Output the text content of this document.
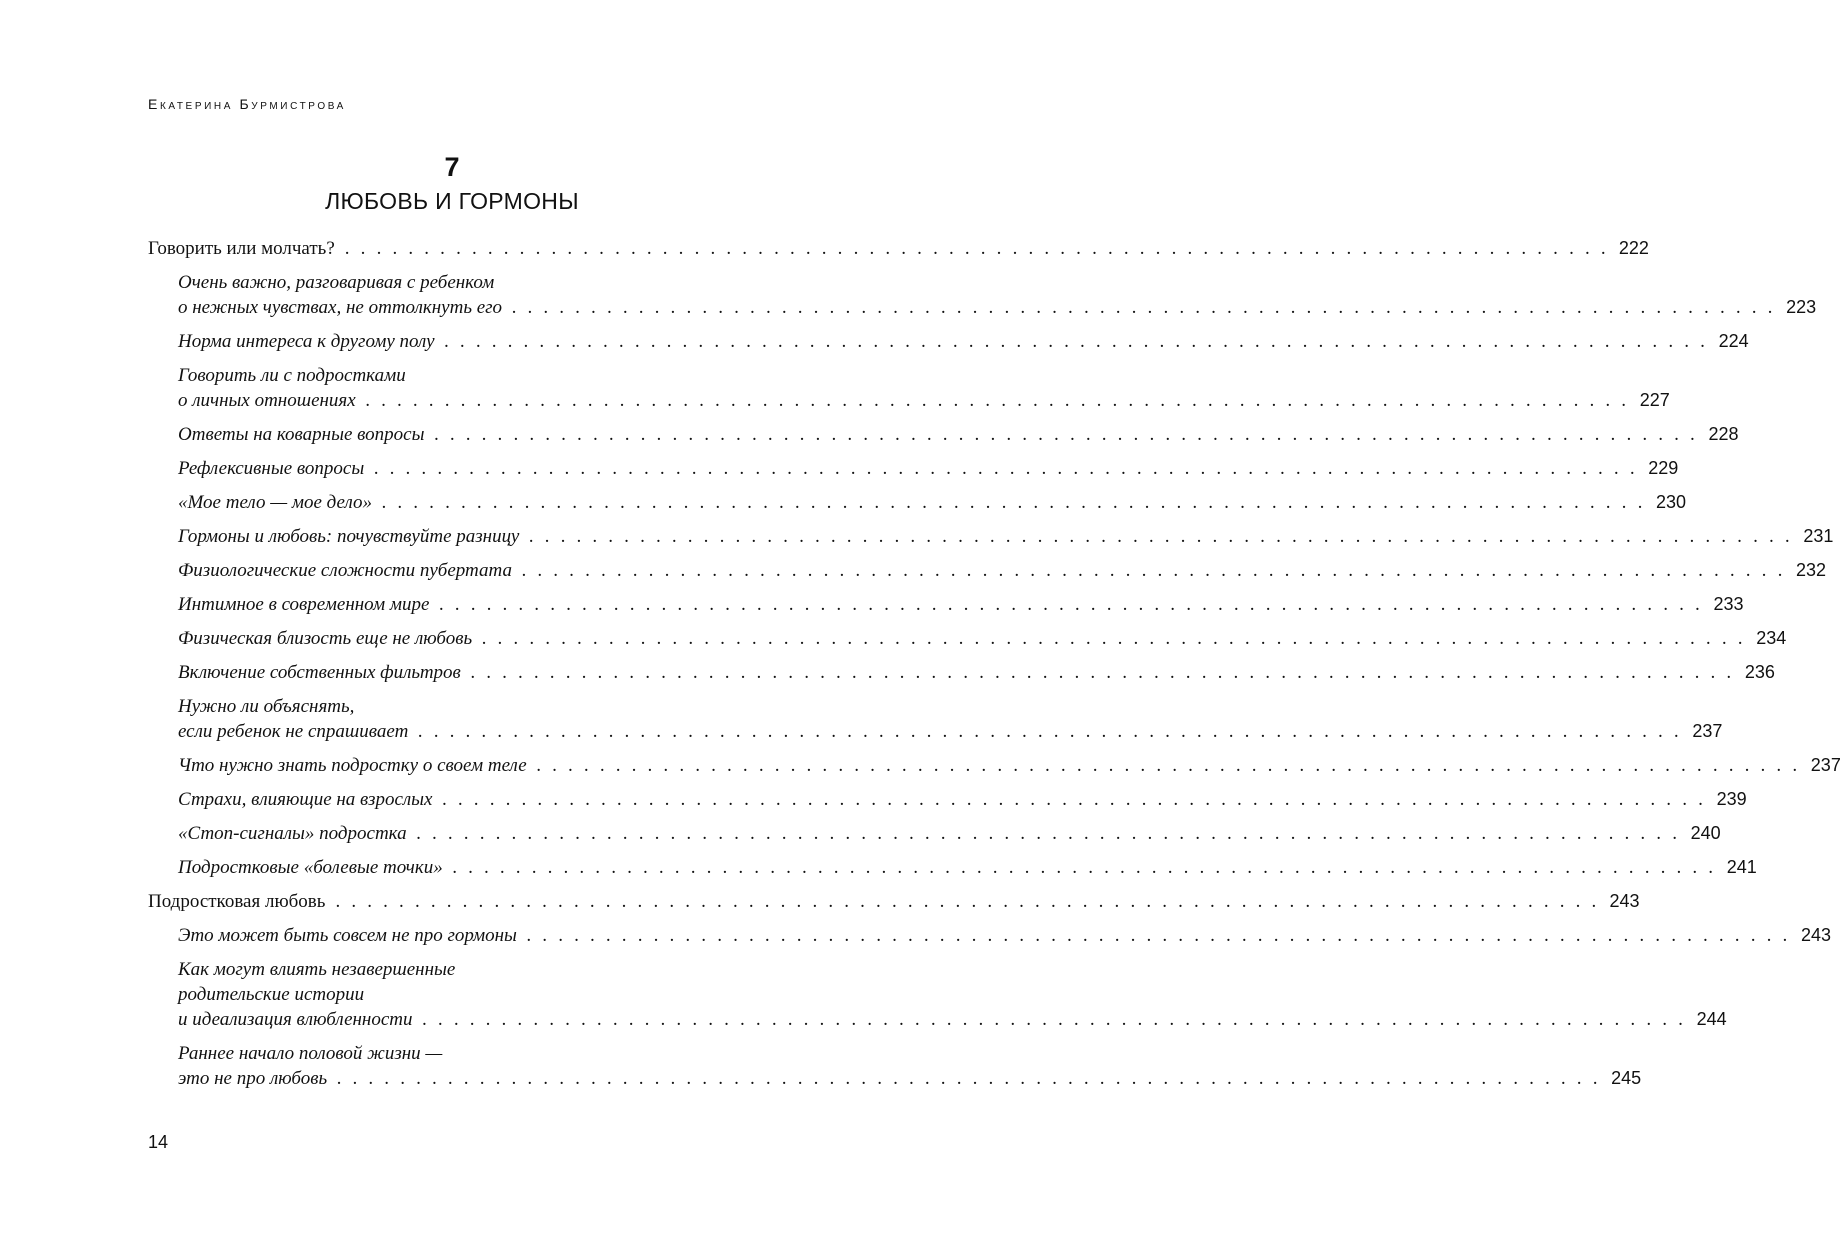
Екатерина Бурмистрова
7
ЛЮБОВЬ И ГОРМОНЫ
Говорить или молчать? . . . . . . . . . . . . . . . . . . . . . . . . . . . . . . . . . . . . . . . . . . . . . . . . . . . . . . . . . . . . . . . . . . . . . . . . . . . . . . . . 222
Очень важно, разговаривая с ребенком
о нежных чувствах, не оттолкнуть его . . . . . . . . . . . . . . . . . . . . . . . . . . . . . . . . . . . . . . . . . . . . . . . . . . . . . . . . . . . . . . . . . . . . . . . . . . . . . . . . 223
Норма интереса к другому полу . . . . . . . . . . . . . . . . . . . . . . . . . . . . . . . . . . . . . . . . . . . . . . . . . . . . . . . . . . . . . . . . . . . . . . . . . . . . . . . . 224
Говорить ли с подростками
о личных отношениях . . . . . . . . . . . . . . . . . . . . . . . . . . . . . . . . . . . . . . . . . . . . . . . . . . . . . . . . . . . . . . . . . . . . . . . . . . . . . . . . 227
Ответы на коварные вопросы . . . . . . . . . . . . . . . . . . . . . . . . . . . . . . . . . . . . . . . . . . . . . . . . . . . . . . . . . . . . . . . . . . . . . . . . . . . . . . . . 228
Рефлексивные вопросы . . . . . . . . . . . . . . . . . . . . . . . . . . . . . . . . . . . . . . . . . . . . . . . . . . . . . . . . . . . . . . . . . . . . . . . . . . . . . . . . 229
«Мое тело — мое дело» . . . . . . . . . . . . . . . . . . . . . . . . . . . . . . . . . . . . . . . . . . . . . . . . . . . . . . . . . . . . . . . . . . . . . . . . . . . . . . . . 230
Гормоны и любовь: почувствуйте разницу . . . . . . . . . . . . . . . . . . . . . . . . . . . . . . . . . . . . . . . . . . . . . . . . . . . . . . . . . . . . . . . . . . . . . . . . . . . . . . . . 231
Физиологические сложности пубертата . . . . . . . . . . . . . . . . . . . . . . . . . . . . . . . . . . . . . . . . . . . . . . . . . . . . . . . . . . . . . . . . . . . . . . . . . . . . . . . . 232
Интимное в современном мире . . . . . . . . . . . . . . . . . . . . . . . . . . . . . . . . . . . . . . . . . . . . . . . . . . . . . . . . . . . . . . . . . . . . . . . . . . . . . . . . 233
Физическая близость еще не любовь . . . . . . . . . . . . . . . . . . . . . . . . . . . . . . . . . . . . . . . . . . . . . . . . . . . . . . . . . . . . . . . . . . . . . . . . . . . . . . . . 234
Включение собственных фильтров . . . . . . . . . . . . . . . . . . . . . . . . . . . . . . . . . . . . . . . . . . . . . . . . . . . . . . . . . . . . . . . . . . . . . . . . . . . . . . . . 236
Нужно ли объяснять,
если ребенок не спрашивает . . . . . . . . . . . . . . . . . . . . . . . . . . . . . . . . . . . . . . . . . . . . . . . . . . . . . . . . . . . . . . . . . . . . . . . . . . . . . . . . 237
Что нужно знать подростку о своем теле . . . . . . . . . . . . . . . . . . . . . . . . . . . . . . . . . . . . . . . . . . . . . . . . . . . . . . . . . . . . . . . . . . . . . . . . . . . . . . . . 237
Страхи, влияющие на взрослых . . . . . . . . . . . . . . . . . . . . . . . . . . . . . . . . . . . . . . . . . . . . . . . . . . . . . . . . . . . . . . . . . . . . . . . . . . . . . . . . 239
«Стоп-сигналы» подростка . . . . . . . . . . . . . . . . . . . . . . . . . . . . . . . . . . . . . . . . . . . . . . . . . . . . . . . . . . . . . . . . . . . . . . . . . . . . . . . . 240
Подростковые «болевые точки» . . . . . . . . . . . . . . . . . . . . . . . . . . . . . . . . . . . . . . . . . . . . . . . . . . . . . . . . . . . . . . . . . . . . . . . . . . . . . . . . 241
Подростковая любовь . . . . . . . . . . . . . . . . . . . . . . . . . . . . . . . . . . . . . . . . . . . . . . . . . . . . . . . . . . . . . . . . . . . . . . . . . . . . . . . . 243
Это может быть совсем не про гормоны . . . . . . . . . . . . . . . . . . . . . . . . . . . . . . . . . . . . . . . . . . . . . . . . . . . . . . . . . . . . . . . . . . . . . . . . . . . . . . . . 243
Как могут влиять незавершенные
родительские истории
и идеализация влюбленности . . . . . . . . . . . . . . . . . . . . . . . . . . . . . . . . . . . . . . . . . . . . . . . . . . . . . . . . . . . . . . . . . . . . . . . . . . . . . . . . 244
Раннее начало половой жизни —
это не про любовь . . . . . . . . . . . . . . . . . . . . . . . . . . . . . . . . . . . . . . . . . . . . . . . . . . . . . . . . . . . . . . . . . . . . . . . . . . . . . . . . 245
14
